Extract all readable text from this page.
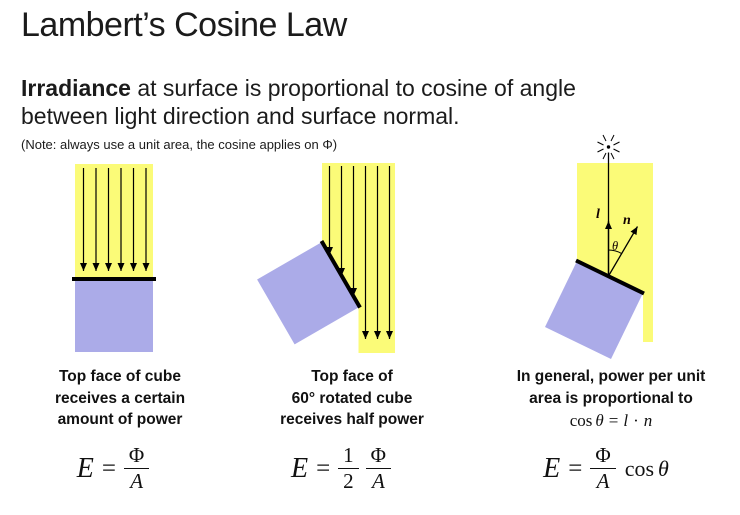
Lambert’s Cosine Law

Irradiance at surface is proportional to cosine of angle
between light direction and surface normal.

(Note: always use a unit area, the cosine applies on Φ)

l n
θ
Top face of cube
receives a certain
amount of power
Top face of
60° rotated cube
receives half power
In general, power per unit
area is proportional to
cos θ = l · n
$E = \frac{\Phi}{A}$	$E = \frac{1}{2} \frac{\Phi}{A}$	$E = \frac{\Phi}{A}$ cos θ
